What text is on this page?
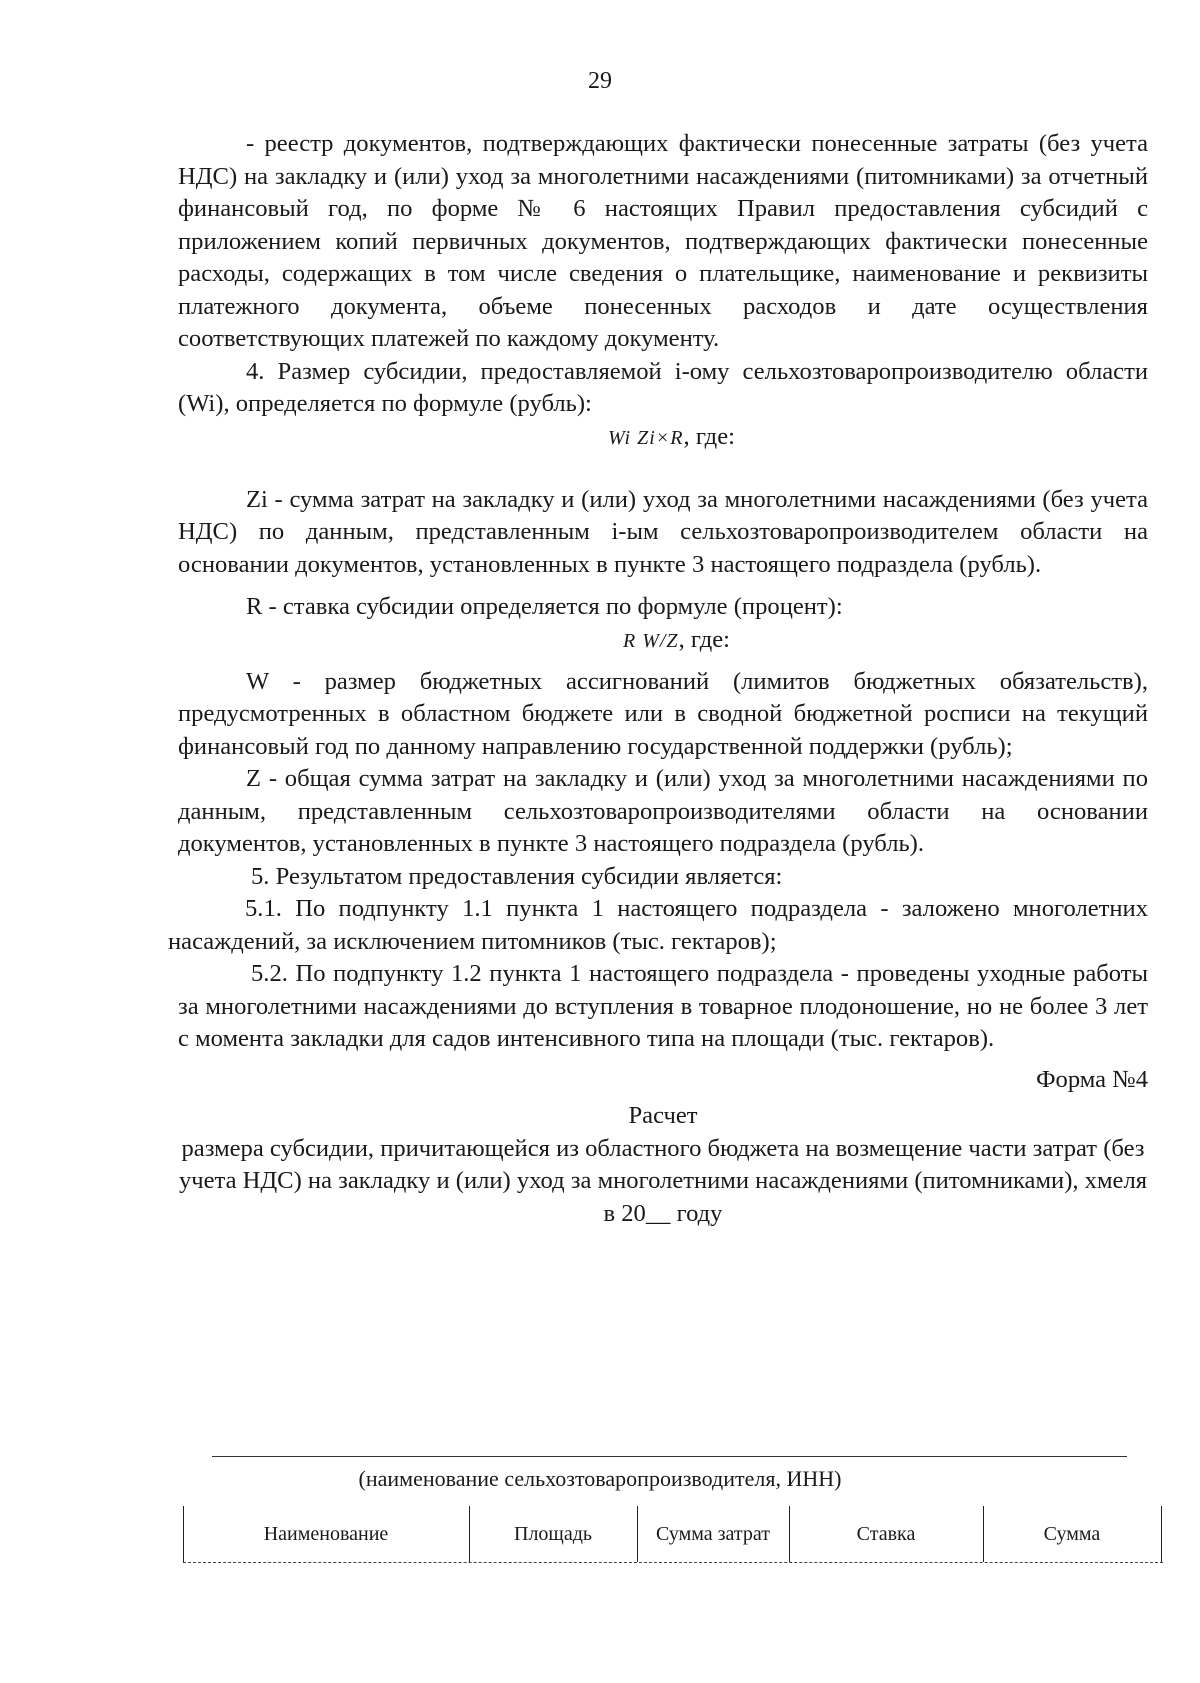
29

- реестр документов, подтверждающих фактически понесенные затраты (без учета НДС) на закладку и (или) уход за многолетними насаждениями (питомниками) за отчетный финансовый год, по форме № 6 настоящих Правил предоставления субсидий с приложением копий первичных документов, подтверждающих фактически понесенные расходы, содержащих в том числе сведения о плательщике, наименование и реквизиты платежного документа, объеме понесенных расходов и дате осуществления соответствующих платежей по каждому документу.

4. Размер субсидии, предоставляемой i-ому сельхозтоваропроизводителю области (Wi), определяется по формуле (рубль):

Wi Zi×R, где:

Zi - сумма затрат на закладку и (или) уход за многолетними насаждениями (без учета НДС) по данным, представленным i-ым сельхозтоваропроизводителем области на основании документов, установленных в пункте 3 настоящего подраздела (рубль).

R - ставка субсидии определяется по формуле (процент):

R W/Z, где:

W - размер бюджетных ассигнований (лимитов бюджетных обязательств), предусмотренных в областном бюджете или в сводной бюджетной росписи на текущий финансовый год по данному направлению государственной поддержки (рубль);

Z - общая сумма затрат на закладку и (или) уход за многолетними насаждениями по данным, представленным сельхозтоваропроизводителями области на основании документов, установленных в пункте 3 настоящего подраздела (рубль).

5. Результатом предоставления субсидии является:

5.1. По подпункту 1.1 пункта 1 настоящего подраздела - заложено многолетних насаждений, за исключением питомников (тыс. гектаров);

5.2. По подпункту 1.2 пункта 1 настоящего подраздела - проведены уходные работы за многолетними насаждениями до вступления в товарное плодоношение, но не более 3 лет с момента закладки для садов интенсивного типа на площади (тыс. гектаров).

Форма №4

Расчет

размера субсидии, причитающейся из областного бюджета на возмещение части затрат (без учета НДС) на закладку и (или) уход за многолетними насаждениями (питомниками), хмеля в 20__ году

(наименование сельхозтоваропроизводителя, ИНН)
Наименование	Площадь	Сумма затрат	Ставка	Сумма
